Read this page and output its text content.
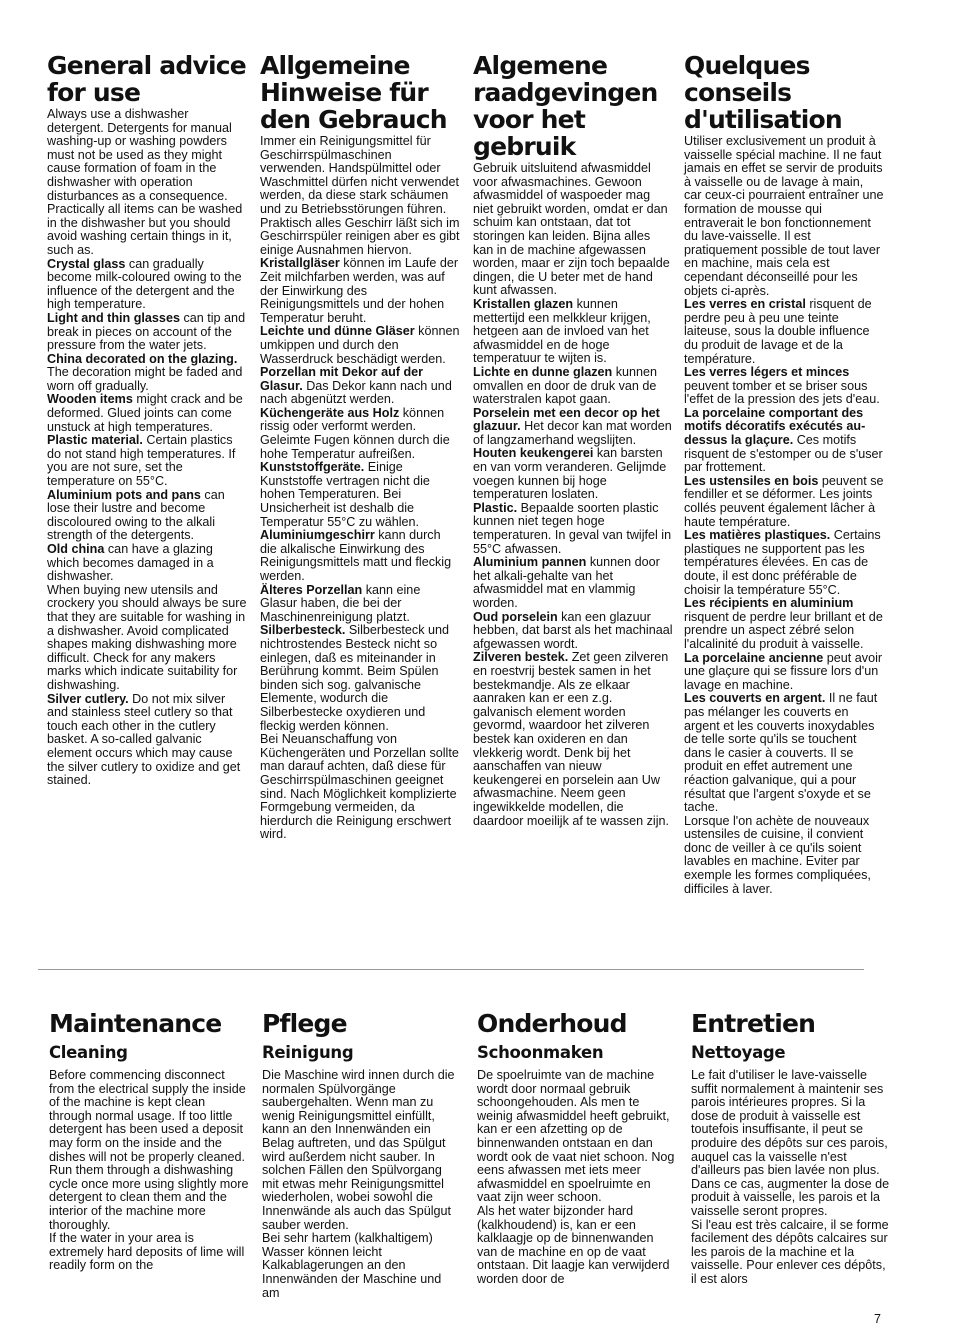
General advice for use

Always use a dishwasher detergent. Detergents for manual washing-up or washing powders must not be used as they might cause formation of foam in the dishwasher with operation disturbances as a consequence. Practically all items can be washed in the dishwasher but you should avoid washing certain things in it, such as.

Crystal glass can gradually become milk-coloured owing to the influence of the detergent and the high temperature.

Light and thin glasses can tip and break in pieces on account of the pressure from the water jets.

China decorated on the glazing. The decoration might be faded and worn off gradually.

Wooden items might crack and be deformed. Glued joints can come unstuck at high temperatures.

Plastic material. Certain plastics do not stand high temperatures. If you are not sure, set the temperature on 55°C.

Aluminium pots and pans can lose their lustre and become discoloured owing to the alkali strength of the detergents.

Old china can have a glazing which becomes damaged in a dishwasher.

When buying new utensils and crockery you should always be sure that they are suitable for washing in a dishwasher. Avoid complicated shapes making dishwashing more difficult. Check for any makers marks which indicate suitability for dishwashing.

Silver cutlery. Do not mix silver and stainless steel cutlery so that touch each other in the cutlery basket. A so-called galvanic element occurs which may cause the silver cutlery to oxidize and get stained.

Allgemeine Hinweise für den Gebrauch

Immer ein Reinigungsmittel für Geschirrspülmaschinen verwenden. Handspülmittel oder Waschmittel dürfen nicht verwendet werden, da diese stark schäumen und zu Betriebsstörungen führen. Praktisch alles Geschirr läßt sich im Geschirrspüler reinigen aber es gibt einige Ausnahmen hiervon.

Kristallgläser können im Laufe der Zeit milchfarben werden, was auf der Einwirkung des Reinigungsmittels und der hohen Temperatur beruht.

Leichte und dünne Gläser können umkippen und durch den Wasserdruck beschädigt werden.

Porzellan mit Dekor auf der Glasur. Das Dekor kann nach und nach abgenützt werden.

Küchengeräte aus Holz können rissig oder verformt werden. Geleimte Fugen können durch die hohe Temperatur aufreißen.

Kunststoffgeräte. Einige Kunststoffe vertragen nicht die hohen Temperaturen. Bei Unsicherheit ist deshalb die Temperatur 55°C zu wählen.

Aluminiumgeschirr kann durch die alkalische Einwirkung des Reinigungsmittels matt und fleckig werden.

Älteres Porzellan kann eine Glasur haben, die bei der Maschinenreinigung platzt.

Silberbesteck. Silberbesteck und nichtrostendes Besteck nicht so einlegen, daß es miteinander in Berührung kommt. Beim Spülen binden sich sog. galvanische Elemente, wodurch die Silberbestecke oxydieren und fleckig werden können.

Bei Neuanschaffung von Küchengeräten und Porzellan sollte man darauf achten, daß diese für Geschirrspülmaschinen geeignet sind. Nach Möglichkeit komplizierte Formgebung vermeiden, da hierdurch die Reinigung erschwert wird.

Algemene raadgevingen voor het gebruik

Gebruik uitsluitend afwasmiddel voor afwasmachines. Gewoon afwasmiddel of waspoeder mag niet gebruikt worden, omdat er dan schuim kan ontstaan, dat tot storingen kan leiden. Bijna alles kan in de machine afgewassen worden, maar er zijn toch bepaalde dingen, die U beter met de hand kunt afwassen.

Kristallen glazen kunnen mettertijd een melkkleur krijgen, hetgeen aan de invloed van het afwasmiddel en de hoge temperatuur te wijten is.

Lichte en dunne glazen kunnen omvallen en door de druk van de waterstralen kapot gaan.

Porselein met een decor op het glazuur. Het decor kan mat worden of langzamerhand wegslijten.

Houten keukengerei kan barsten en van vorm veranderen. Gelijmde voegen kunnen bij hoge temperaturen loslaten.

Plastic. Bepaalde soorten plastic kunnen niet tegen hoge temperaturen. In geval van twijfel in 55°C afwassen.

Aluminium pannen kunnen door het alkali-gehalte van het afwasmiddel mat en vlammig worden.

Oud porselein kan een glazuur hebben, dat barst als het machinaal afgewassen wordt.

Zilveren bestek. Zet geen zilveren en roestvrij bestek samen in het bestekmandje. Als ze elkaar aanraken kan er een z.g. galvanisch element worden gevormd, waardoor het zilveren bestek kan oxideren en dan vlekkerig wordt. Denk bij het aanschaffen van nieuw keukengerei en porselein aan Uw afwasmachine. Neem geen ingewikkelde modellen, die daardoor moeilijk af te wassen zijn.

Quelques conseils d'utilisation

Utiliser exclusivement un produit à vaisselle spécial machine. Il ne faut jamais en effet se servir de produits à vaisselle ou de lavage à main, car ceux-ci pourraient entraîner une formation de mousse qui entraverait le bon fonctionnement du lave-vaisselle. Il est pratiquement possible de tout laver en machine, mais cela est cependant déconseillé pour les objets ci-après.

Les verres en cristal risquent de perdre peu à peu une teinte laiteuse, sous la double influence du produit de lavage et de la température.

Les verres légers et minces peuvent tomber et se briser sous l'effet de la pression des jets d'eau.

La porcelaine comportant des motifs décoratifs exécutés au-dessus la glaçure. Ces motifs risquent de s'estomper ou de s'user par frottement.

Les ustensiles en bois peuvent se fendiller et se déformer. Les joints collés peuvent également lâcher à haute température.

Les matières plastiques. Certains plastiques ne supportent pas les températures élevées. En cas de doute, il est donc préférable de choisir la température 55°C.

Les récipients en aluminium risquent de perdre leur brillant et de prendre un aspect zébré selon l'alcalinité du produit à vaisselle.

La porcelaine ancienne peut avoir une glaçure qui se fissure lors d'un lavage en machine.

Les couverts en argent. Il ne faut pas mélanger les couverts en argent et les couverts inoxydables de telle sorte qu'ils se touchent dans le casier à couverts. Il se produit en effet autrement une réaction galvanique, qui a pour résultat que l'argent s'oxyde et se tache.

Lorsque l'on achète de nouveaux ustensiles de cuisine, il convient donc de veiller à ce qu'ils soient lavables en machine. Eviter par exemple les formes compliquées, difficiles à laver.

Maintenance
Cleaning

Before commencing disconnect from the electrical supply the inside of the machine is kept clean through normal usage. If too little detergent has been used a deposit may form on the inside and the dishes will not be properly cleaned. Run them through a dishwashing cycle once more using slightly more detergent to clean them and the interior of the machine more thoroughly.

If the water in your area is extremely hard deposits of lime will readily form on the

Pflege
Reinigung

Die Maschine wird innen durch die normalen Spülvorgänge saubergehalten. Wenn man zu wenig Reinigungsmittel einfüllt, kann an den Innenwänden ein Belag auftreten, und das Spülgut wird außerdem nicht sauber. In solchen Fällen den Spülvorgang mit etwas mehr Reinigungsmittel wiederholen, wobei sowohl die Innenwände als auch das Spülgut sauber werden.

Bei sehr hartem (kalkhaltigem) Wasser können leicht Kalkablagerungen an den Innenwänden der Maschine und am

Onderhoud
Schoonmaken

De spoelruimte van de machine wordt door normaal gebruik schoongehouden. Als men te weinig afwasmiddel heeft gebruikt, kan er een afzetting op de binnenwanden ontstaan en dan wordt ook de vaat niet schoon. Nog eens afwassen met iets meer afwasmiddel en spoelruimte en vaat zijn weer schoon.

Als het water bijzonder hard (kalkhoudend) is, kan er een kalklaagje op de binnenwanden van de machine en op de vaat ontstaan. Dit laagje kan verwijderd worden door de

Entretien
Nettoyage

Le fait d'utiliser le lave-vaisselle suffit normalement à maintenir ses parois intérieures propres. Si la dose de produit à vaisselle est toutefois insuffisante, il peut se produire des dépôts sur ces parois, auquel cas la vaisselle n'est d'ailleurs pas bien lavée non plus. Dans ce cas, augmenter la dose de produit à vaisselle, les parois et la vaisselle seront propres.

Si l'eau est très calcaire, il se forme facilement des dépôts calcaires sur les parois de la machine et la vaisselle. Pour enlever ces dépôts, il est alors

7
